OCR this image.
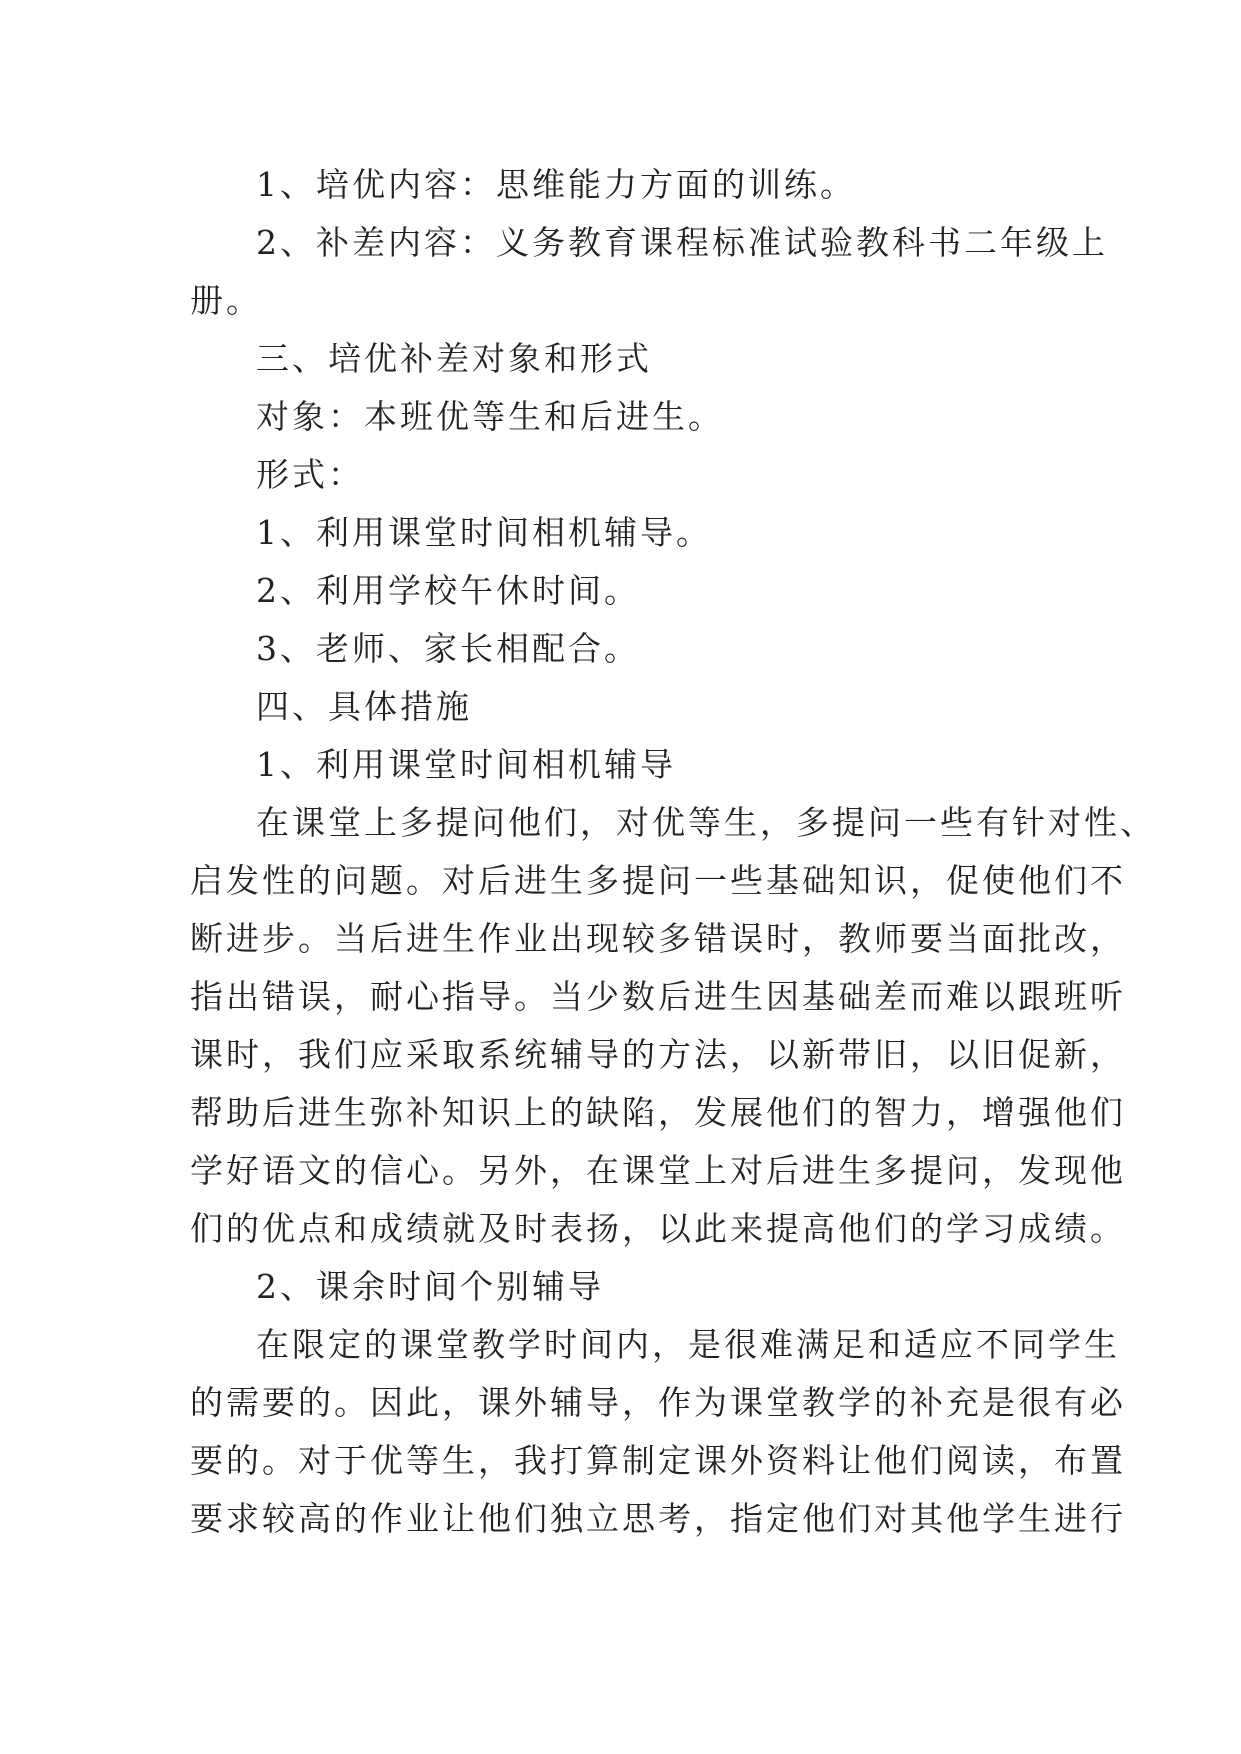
1、培优内容：思维能力方面的训练。
2、补差内容：义务教育课程标准试验教科书二年级上
册。
三、培优补差对象和形式
对象：本班优等生和后进生。
形式：
1、利用课堂时间相机辅导。
2、利用学校午休时间。
3、老师、家长相配合。
四、具体措施
1、利用课堂时间相机辅导
在课堂上多提问他们，对优等生，多提问一些有针对性、
启发性的问题。对后进生多提问一些基础知识，促使他们不
断进步。当后进生作业出现较多错误时，教师要当面批改，
指出错误，耐心指导。当少数后进生因基础差而难以跟班听
课时，我们应采取系统辅导的方法，以新带旧，以旧促新，
帮助后进生弥补知识上的缺陷，发展他们的智力，增强他们
学好语文的信心。另外，在课堂上对后进生多提问，发现他
们的优点和成绩就及时表扬，以此来提高他们的学习成绩。
2、课余时间个别辅导
在限定的课堂教学时间内，是很难满足和适应不同学生
的需要的。因此，课外辅导，作为课堂教学的补充是很有必
要的。对于优等生，我打算制定课外资料让他们阅读，布置
要求较高的作业让他们独立思考，指定他们对其他学生进行
